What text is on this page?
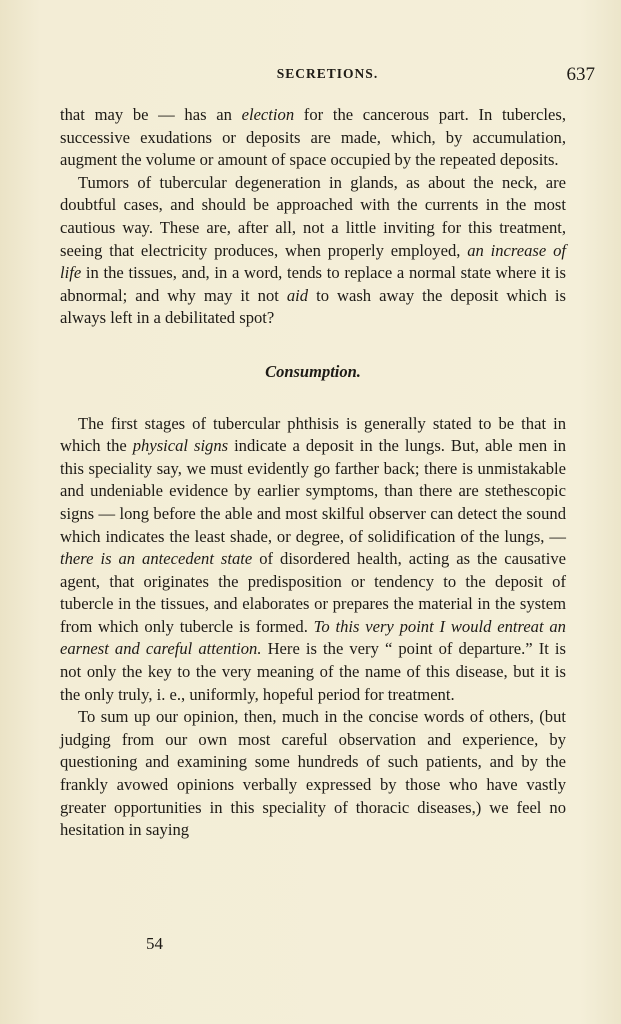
SECRETIONS.	637

that may be — has an election for the cancerous part. In tubercles, successive exudations or deposits are made, which, by accumulation, augment the volume or amount of space occupied by the repeated deposits.

Tumors of tubercular degeneration in glands, as about the neck, are doubtful cases, and should be approached with the currents in the most cautious way. These are, after all, not a little inviting for this treatment, seeing that electricity produces, when properly employed, an increase of life in the tissues, and, in a word, tends to replace a normal state where it is abnormal; and why may it not aid to wash away the deposit which is always left in a debilitated spot?

Consumption.

The first stages of tubercular phthisis is generally stated to be that in which the physical signs indicate a deposit in the lungs. But, able men in this speciality say, we must evidently go farther back; there is unmistakable and undeniable evidence by earlier symptoms, than there are stethescopic signs — long before the able and most skilful observer can detect the sound which indicates the least shade, or degree, of solidification of the lungs, — there is an antecedent state of disordered health, acting as the causative agent, that originates the predisposition or tendency to the deposit of tubercle in the tissues, and elaborates or prepares the material in the system from which only tubercle is formed. To this very point I would entreat an earnest and careful attention. Here is the very “ point of departure.” It is not only the key to the very meaning of the name of this disease, but it is the only truly, i. e., uniformly, hopeful period for treatment.

To sum up our opinion, then, much in the concise words of others, (but judging from our own most careful observation and experience, by questioning and examining some hundreds of such patients, and by the frankly avowed opinions verbally expressed by those who have vastly greater opportunities in this speciality of thoracic diseases,) we feel no hesitation in saying

54
